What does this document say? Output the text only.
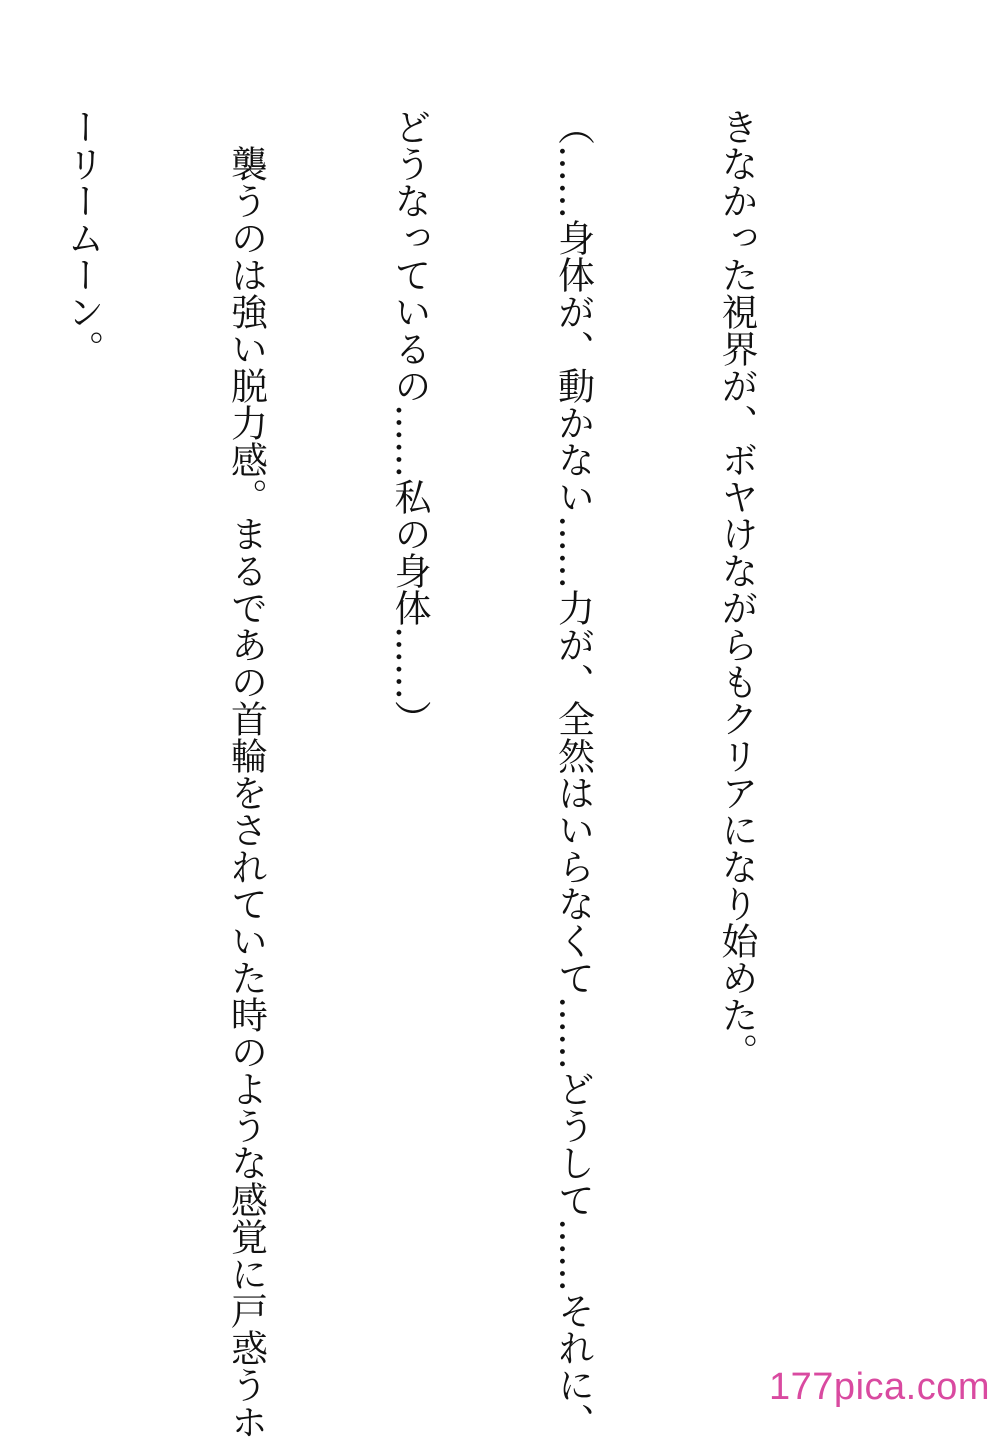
きなかった視界が、ボヤけながらもクリアになり始めた。

（……身体が、動かない……力が、全然はいらなくて……どうして……それに、

どうなっているの……私の身体……）

　襲うのは強い脱力感。まるであの首輪をされていた時のような感覚に戸惑うホ

ーリームーン。

177pica.com
